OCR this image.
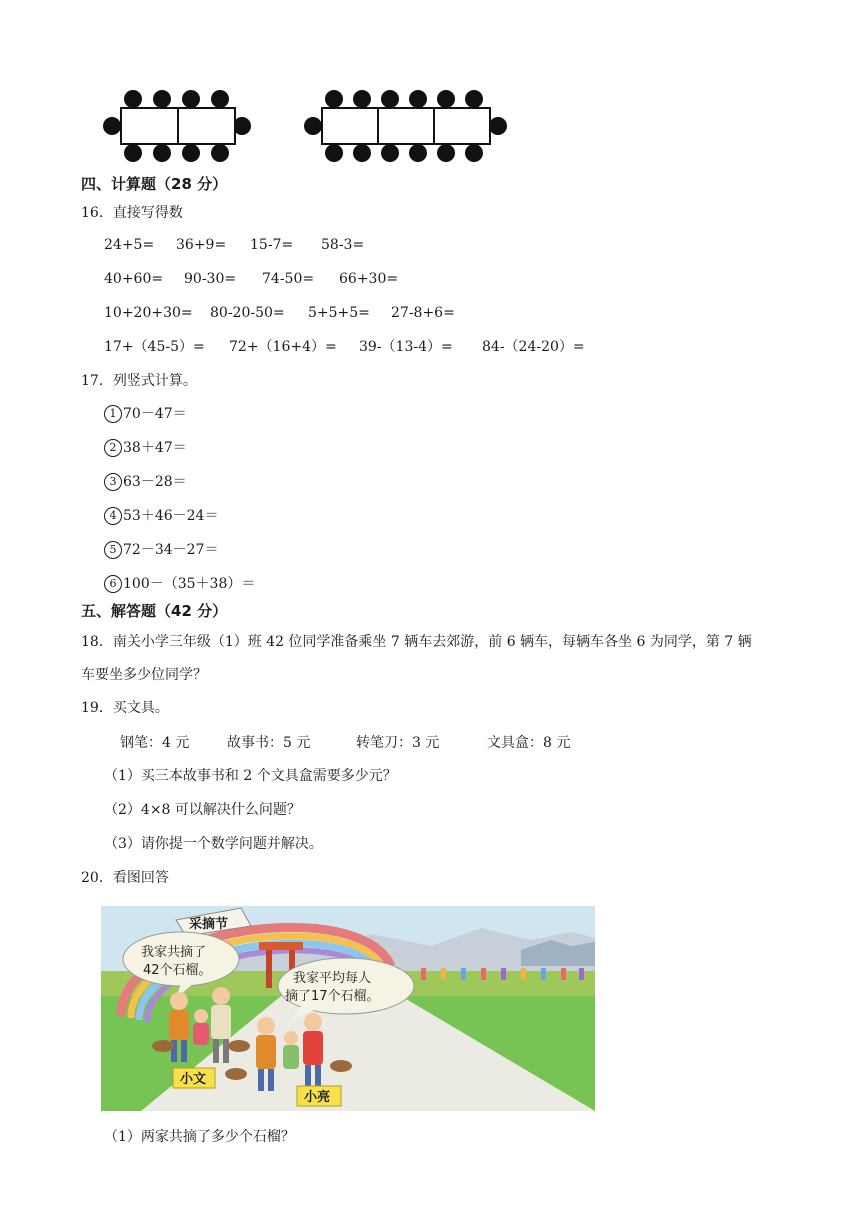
四、计算题（28 分）
16．直接写得数
24+5= 36+9= 15-7= 58-3=
40+60= 90-30= 74-50= 66+30=
10+20+30= 80-20-50= 5+5+5= 27-8+6=
17+（45-5）= 72+（16+4）= 39-（13-4）= 84-（24-20）=
17．列竖式计算。
1 70－47＝
2 38＋47＝
3 63－28＝
4 53＋46－24＝
5 72－34－27＝
6 100－（35＋38）＝
五、解答题（42 分）
18．南关小学三年级（1）班 42 位同学准备乘坐 7 辆车去郊游，前 6 辆车，每辆车各坐 6 为同学，第 7 辆
车要坐多少位同学？
19．买文具。
钢笔：4 元	故事书：5 元	转笔刀：3 元	文具盒：8 元
（1）买三本故事书和 2 个文具盒需要多少元？
（2）4×8 可以解决什么问题？
（3）请你提一个数学问题并解决。
20．看图回答
采摘节
我家共摘了
42个石榴。
我家平均每人
摘了17个石榴。
小文
小亮
（1）两家共摘了多少个石榴？
